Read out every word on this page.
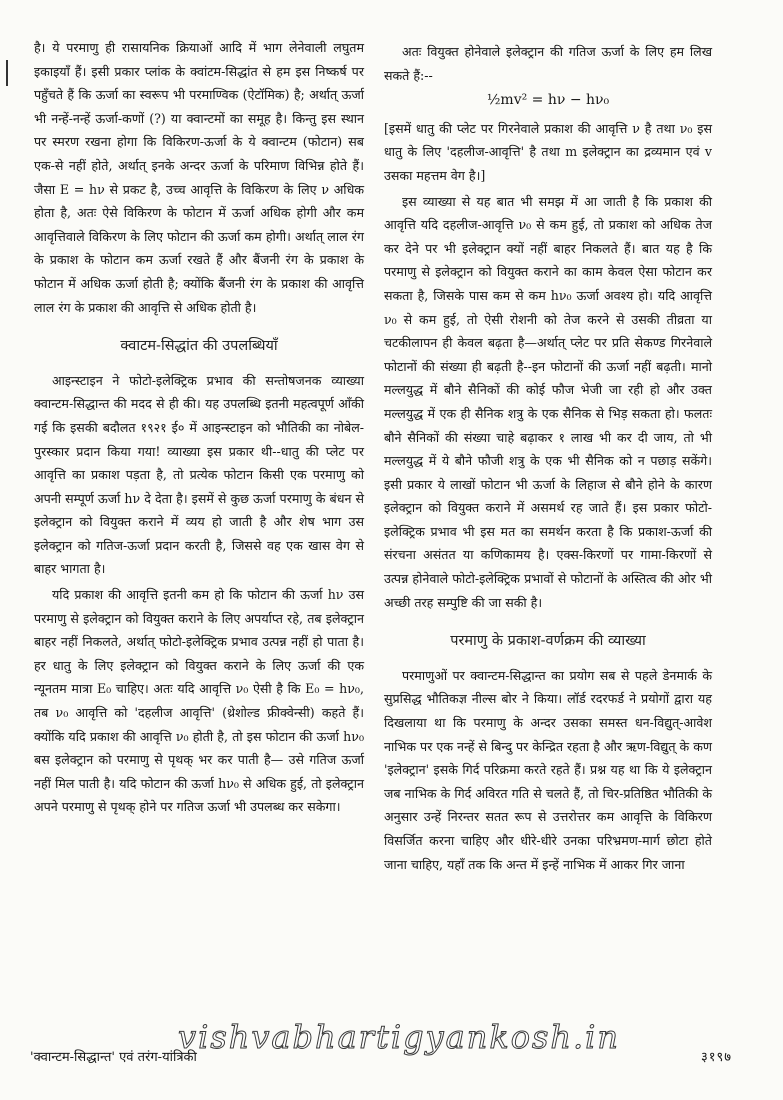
है। ये परमाणु ही रासायनिक क्रियाओं आदि में भाग लेनेवाली लघुतम इकाइयाँ हैं। इसी प्रकार प्लांक के क्वांटम-सिद्धांत से हम इस निष्कर्ष पर पहुँचते हैं कि ऊर्जा का स्वरूप भी परमाण्विक (ऐटॉमिक) है; अर्थात् ऊर्जा भी नन्हें-नन्हें ऊर्जा-कणों (?) या क्वान्टमों का समूह है। किन्तु इस स्थान पर स्मरण रखना होगा कि विकिरण-ऊर्जा के ये क्वान्टम (फोटान) सब एक-से नहीं होते, अर्थात् इनके अन्दर ऊर्जा के परिमाण विभिन्न होते हैं। जैसा E = hν से प्रकट है, उच्च आवृत्ति के विकिरण के लिए ν अधिक होता है, अतः ऐसे विकिरण के फोटान में ऊर्जा अधिक होगी और कम आवृत्तिवाले विकिरण के लिए फोटान की ऊर्जा कम होगी। अर्थात् लाल रंग के प्रकाश के फोटान कम ऊर्जा रखते हैं और बैंजनी रंग के प्रकाश के फोटान में अधिक ऊर्जा होती है; क्योंकि बैंजनी रंग के प्रकाश की आवृत्ति लाल रंग के प्रकाश की आवृत्ति से अधिक होती है।

क्वाटम-सिद्धांत की उपलब्धियाँ

आइन्स्टाइन ने फोटो-इलेक्ट्रिक प्रभाव की सन्तोषजनक व्याख्या क्वान्टम-सिद्धान्त की मदद से ही की। यह उपलब्धि इतनी महत्वपूर्ण आँकी गई कि इसकी बदौलत १९२१ ई० में आइन्स्टाइन को भौतिकी का नोबेल-पुरस्कार प्रदान किया गया! व्याख्या इस प्रकार थी--धातु की प्लेट पर आवृत्ति का प्रकाश पड़ता है, तो प्रत्येक फोटान किसी एक परमाणु को अपनी सम्पूर्ण ऊर्जा hν दे देता है। इसमें से कुछ ऊर्जा परमाणु के बंधन से इलेक्ट्रान को वियुक्त कराने में व्यय हो जाती है और शेष भाग उस इलेक्ट्रान को गतिज-ऊर्जा प्रदान करती है, जिससे वह एक खास वेग से बाहर भागता है।

यदि प्रकाश की आवृत्ति इतनी कम हो कि फोटान की ऊर्जा hν उस परमाणु से इलेक्ट्रान को वियुक्त कराने के लिए अपर्याप्त रहे, तब इलेक्ट्रान बाहर नहीं निकलते, अर्थात् फोटो-इलेक्ट्रिक प्रभाव उत्पन्न नहीं हो पाता है। हर धातु के लिए इलेक्ट्रान को वियुक्त कराने के लिए ऊर्जा की एक न्यूनतम मात्रा E₀ चाहिए। अतः यदि आवृत्ति ν₀ ऐसी है कि E₀ = hν₀, तब ν₀ आवृत्ति को 'दहलीज आवृत्ति' (थ्रेशोल्ड फ्रीक्वेन्सी) कहते हैं। क्योंकि यदि प्रकाश की आवृत्ति ν₀ होती है, तो इस फोटान की ऊर्जा hν₀ बस इलेक्ट्रान को परमाणु से पृथक् भर कर पाती है— उसे गतिज ऊर्जा नहीं मिल पाती है। यदि फोटान की ऊर्जा hν₀ से अधिक हुई, तो इलेक्ट्रान अपने परमाणु से पृथक् होने पर गतिज ऊर्जा भी उपलब्ध कर सकेगा।

अतः वियुक्त होनेवाले इलेक्ट्रान की गतिज ऊर्जा के लिए हम लिख सकते हैं:--

½mv² = hν − hν₀

[इसमें धातु की प्लेट पर गिरनेवाले प्रकाश की आवृत्ति ν है तथा ν₀ इस धातु के लिए 'दहलीज-आवृत्ति' है तथा m इलेक्ट्रान का द्रव्यमान एवं v उसका महत्तम वेग है।]

इस व्याख्या से यह बात भी समझ में आ जाती है कि प्रकाश की आवृत्ति यदि दहलीज-आवृत्ति ν₀ से कम हुई, तो प्रकाश को अधिक तेज कर देने पर भी इलेक्ट्रान क्यों नहीं बाहर निकलते हैं। बात यह है कि परमाणु से इलेक्ट्रान को वियुक्त कराने का काम केवल ऐसा फोटान कर सकता है, जिसके पास कम से कम hν₀ ऊर्जा अवश्य हो। यदि आवृत्ति ν₀ से कम हुई, तो ऐसी रोशनी को तेज करने से उसकी तीव्रता या चटकीलापन ही केवल बढ़ता है—अर्थात् प्लेट पर प्रति सेकण्ड गिरनेवाले फोटानों की संख्या ही बढ़ती है--इन फोटानों की ऊर्जा नहीं बढ़ती। मानो मल्लयुद्ध में बौने सैनिकों की कोई फौज भेजी जा रही हो और उक्त मल्लयुद्ध में एक ही सैनिक शत्रु के एक सैनिक से भिड़ सकता हो। फलतः बौने सैनिकों की संख्या चाहे बढ़ाकर १ लाख भी कर दी जाय, तो भी मल्लयुद्ध में ये बौने फौजी शत्रु के एक भी सैनिक को न पछाड़ सकेंगे। इसी प्रकार ये लाखों फोटान भी ऊर्जा के लिहाज से बौने होने के कारण इलेक्ट्रान को वियुक्त कराने में असमर्थ रह जाते हैं। इस प्रकार फोटो-इलेक्ट्रिक प्रभाव भी इस मत का समर्थन करता है कि प्रकाश-ऊर्जा की संरचना असंतत या कणिकामय है। एक्स-किरणों पर गामा-किरणों से उत्पन्न होनेवाले फोटो-इलेक्ट्रिक प्रभावों से फोटानों के अस्तित्व की ओर भी अच्छी तरह सम्पुष्टि की जा सकी है।

परमाणु के प्रकाश-वर्णक्रम की व्याख्या

परमाणुओं पर क्वान्टम-सिद्धान्त का प्रयोग सब से पहले डेनमार्क के सुप्रसिद्ध भौतिकज्ञ नील्स बोर ने किया। लॉर्ड रदरफर्ड ने प्रयोगों द्वारा यह दिखलाया था कि परमाणु के अन्दर उसका समस्त धन-विद्युत्-आवेश नाभिक पर एक नन्हें से बिन्दु पर केन्द्रित रहता है और ऋण-विद्युत् के कण 'इलेक्ट्रान' इसके गिर्द परिक्रमा करते रहते हैं। प्रश्न यह था कि ये इलेक्ट्रान जब नाभिक के गिर्द अविरत गति से चलते हैं, तो चिर-प्रतिष्ठित भौतिकी के अनुसार उन्हें निरन्तर सतत रूप से उत्तरोत्तर कम आवृत्ति के विकिरण विसर्जित करना चाहिए और धीरे-धीरे उनका परिभ्रमण-मार्ग छोटा होते जाना चाहिए, यहाँ तक कि अन्त में इन्हें नाभिक में आकर गिर जाना

'क्वान्टम-सिद्धान्त' एवं तरंग-यांत्रिकी	३१९७
vishvabhartigyankosh.in
